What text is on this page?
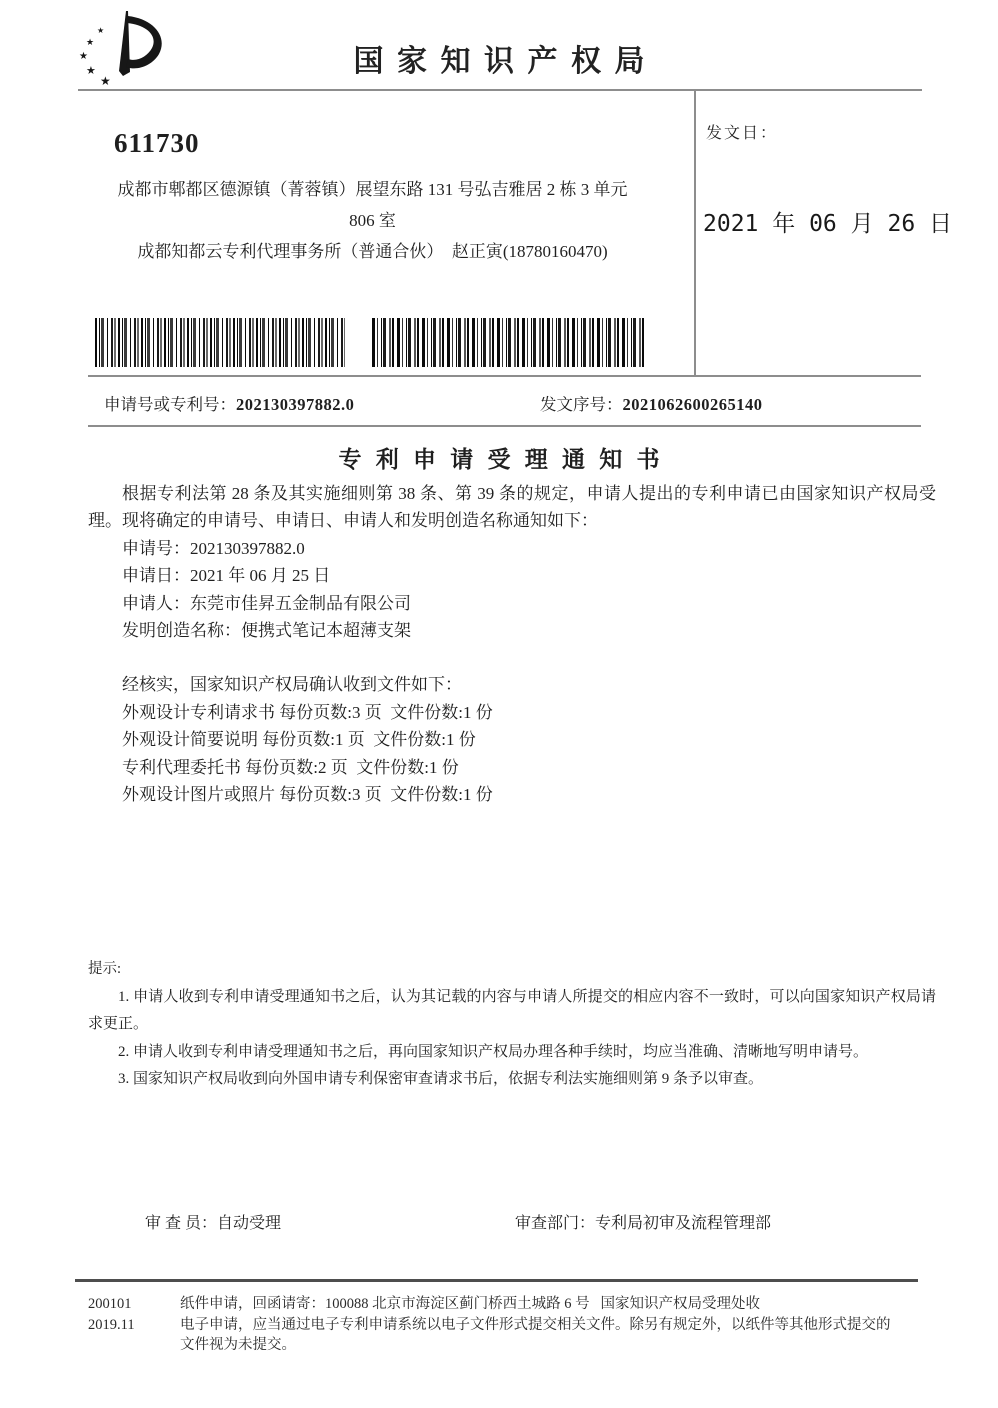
★
★
★
★
★
国家知识产权局
611730
成都市郫都区德源镇（菁蓉镇）展望东路 131 号弘吉雅居 2 栋 3 单元
806 室
成都知都云专利代理事务所（普通合伙）  赵正寅(18780160470)
发文日：
2021 年 06 月 26 日
申请号或专利号：202130397882.0	发文序号：2021062600265140
专利申请受理通知书

根据专利法第 28 条及其实施细则第 38 条、第 39 条的规定，申请人提出的专利申请已由国家知识产权局受理。现将确定的申请号、申请日、申请人和发明创造名称通知如下：

申请号：202130397882.0
申请日：2021 年 06 月 25 日
申请人：东莞市佳昇五金制品有限公司
发明创造名称：便携式笔记本超薄支架
经核实，国家知识产权局确认收到文件如下：
外观设计专利请求书 每份页数:3 页  文件份数:1 份
外观设计简要说明 每份页数:1 页  文件份数:1 份
专利代理委托书 每份页数:2 页  文件份数:1 份
外观设计图片或照片 每份页数:3 页  文件份数:1 份
提示:

1. 申请人收到专利申请受理通知书之后，认为其记载的内容与申请人所提交的相应内容不一致时，可以向国家知识产权局请求更正。

2. 申请人收到专利申请受理通知书之后，再向国家知识产权局办理各种手续时，均应当准确、清晰地写明申请号。

3. 国家知识产权局收到向外国申请专利保密审查请求书后，依据专利法实施细则第 9 条予以审查。

审 查 员：自动受理	审查部门：专利局初审及流程管理部
200101
2019.11
纸件申请，回函请寄：100088 北京市海淀区蓟门桥西土城路 6 号   国家知识产权局受理处收
电子申请，应当通过电子专利申请系统以电子文件形式提交相关文件。除另有规定外，以纸件等其他形式提交的
文件视为未提交。
